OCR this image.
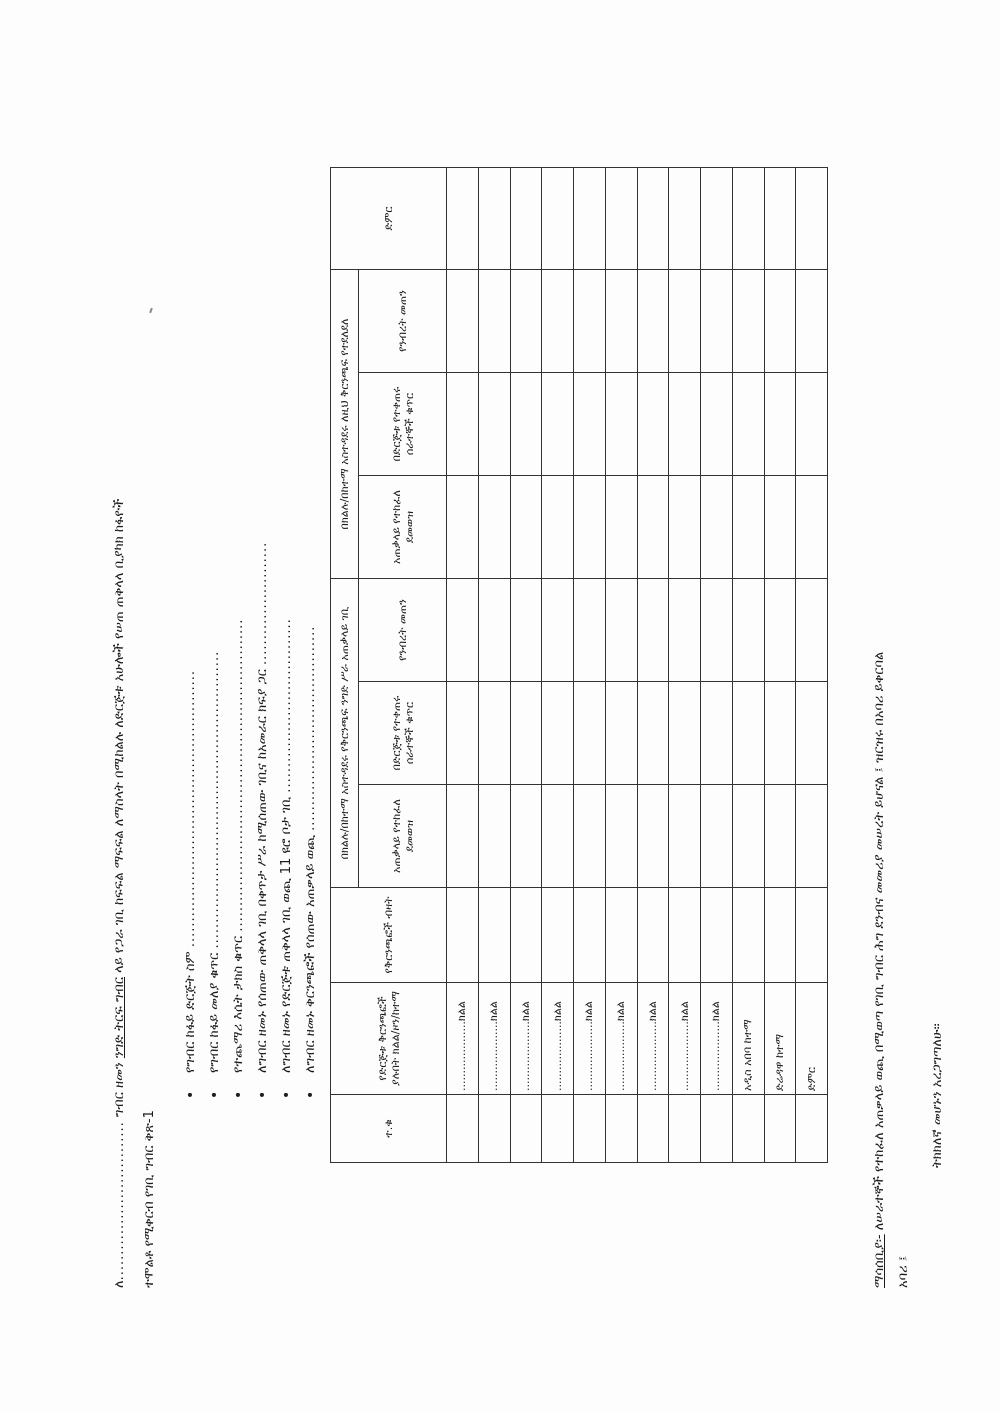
ለ............................... ግብር ዘመን ንግድ ትርፍ ግብር ላይ የጋራ ገቢ ከፍፍል ማፍፍል ለማስላት በሚከልሉ ለድርጅቱ አሁሎች የሠጠ ጠቅላላ ቢያካክ ከፋዮች
ተሞልቶ የሚቀርብ የገቢ ግብር ቅጽ-1
• የግብር ከፋይ ድርጅት ስም ......................................................
• የግብር ከፋይ መለያ ቁጥር ..........................................................
• የተጨማሪ እሴት ታክስ ቁጥር ............................................................. • ለግብር ዘመኑ የሰጠው ጠቅላላ ገቢ በቀጥታ ሥራ ከሚሰጠው ገቢና ከአመራር ክፍያ ጋር ........................
• ለግብር ዘመኑ የድርጅቱ ጠቅላላ ገቢ ወጪ 11 ዩሮ ቦታ ገቢ ..................................
• ለግብር ዘመኑ ቅርንጫፎች የሰጠው አጠቃላይ ወጪ ........................................
ተ.ቁ	የድርጅቱ ቅርንጫፎች ያሉበት ክልል/ዞን/ከተማ	የቅርንጫፎች ብዛት	በክልሉ/በከተማ አስተዳደሩ የቅርንጫፍ ንግድ ሥራ አጠቃላይ ገቢ			በክልሉ/በከተማ አስተዳደሩ ለዚህ ቅርንጫፍ የተደለደለ			ድምር

			አጠቃላይ የተከፈለ ደመወዝ	በድርጅቱ የተቀጠሩ ሰራተኞች ቁጥር	የንብረት መጠን	አጠቃላይ የተከፈለ ደመወዝ	በድርጅቱ የተቀጠሩ ሰራተኞች ቁጥር	የንብረት መጠን	
	....................ክልል								
	....................ክልል								
	....................ክልል								
	....................ክልል								
	....................ክልል								
	....................ክልል								
	....................ክልል								
	....................ክልል								
	....................ክልል								
	አዲስ አበባ ከተማ								
	ድሬዳዋ ከተማ								
	ድምር								
ማሳሰቢያ፡- ለሠራተኞች የተከፈለ አጠቃላይ ወጪ በሚወጣ የገቢ ግብር ሕግ ደንብና መመሪያ መሠረት ይሆናል ፤ ዝርዝሩ በአባሪ ይቀርባል
አባሪ ፤
ትክክለኛ መሆኑን አረጋግጣለሁ።
